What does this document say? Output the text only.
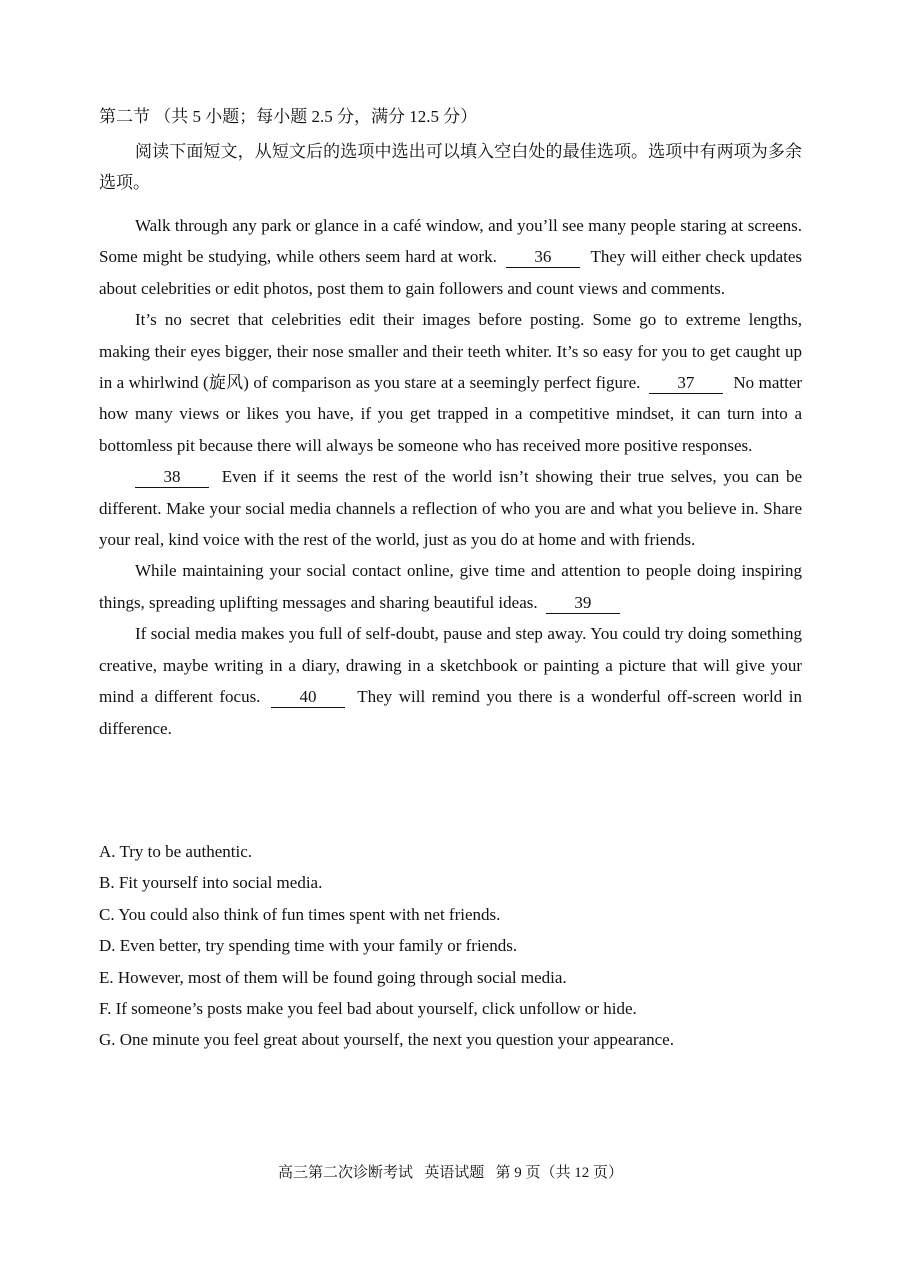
第二节 （共 5 小题；每小题 2.5 分，满分 12.5 分）
阅读下面短文，从短文后的选项中选出可以填入空白处的最佳选项。选项中有两项为多余选项。

Walk through any park or glance in a café window, and you’ll see many people staring at screens. Some might be studying, while others seem hard at work. 36 They will either check updates about celebrities or edit photos, post them to gain followers and count views and comments.

It’s no secret that celebrities edit their images before posting. Some go to extreme lengths, making their eyes bigger, their nose smaller and their teeth whiter. It’s so easy for you to get caught up in a whirlwind (旋风) of comparison as you stare at a seemingly perfect figure. 37 No matter how many views or likes you have, if you get trapped in a competitive mindset, it can turn into a bottomless pit because there will always be someone who has received more positive responses.

38 Even if it seems the rest of the world isn’t showing their true selves, you can be different. Make your social media channels a reflection of who you are and what you believe in. Share your real, kind voice with the rest of the world, just as you do at home and with friends.

While maintaining your social contact online, give time and attention to people doing inspiring things, spreading uplifting messages and sharing beautiful ideas. 39

If social media makes you full of self-doubt, pause and step away. You could try doing something creative, maybe writing in a diary, drawing in a sketchbook or painting a picture that will give your mind a different focus. 40 They will remind you there is a wonderful off-screen world in difference.

A. Try to be authentic.
B. Fit yourself into social media.
C. You could also think of fun times spent with net friends.
D. Even better, try spending time with your family or friends.
E. However, most of them will be found going through social media.
F. If someone’s posts make you feel bad about yourself, click unfollow or hide.
G. One minute you feel great about yourself, the next you question your appearance.
高三第二次诊断考试 英语试题 第 9 页（共 12 页）
